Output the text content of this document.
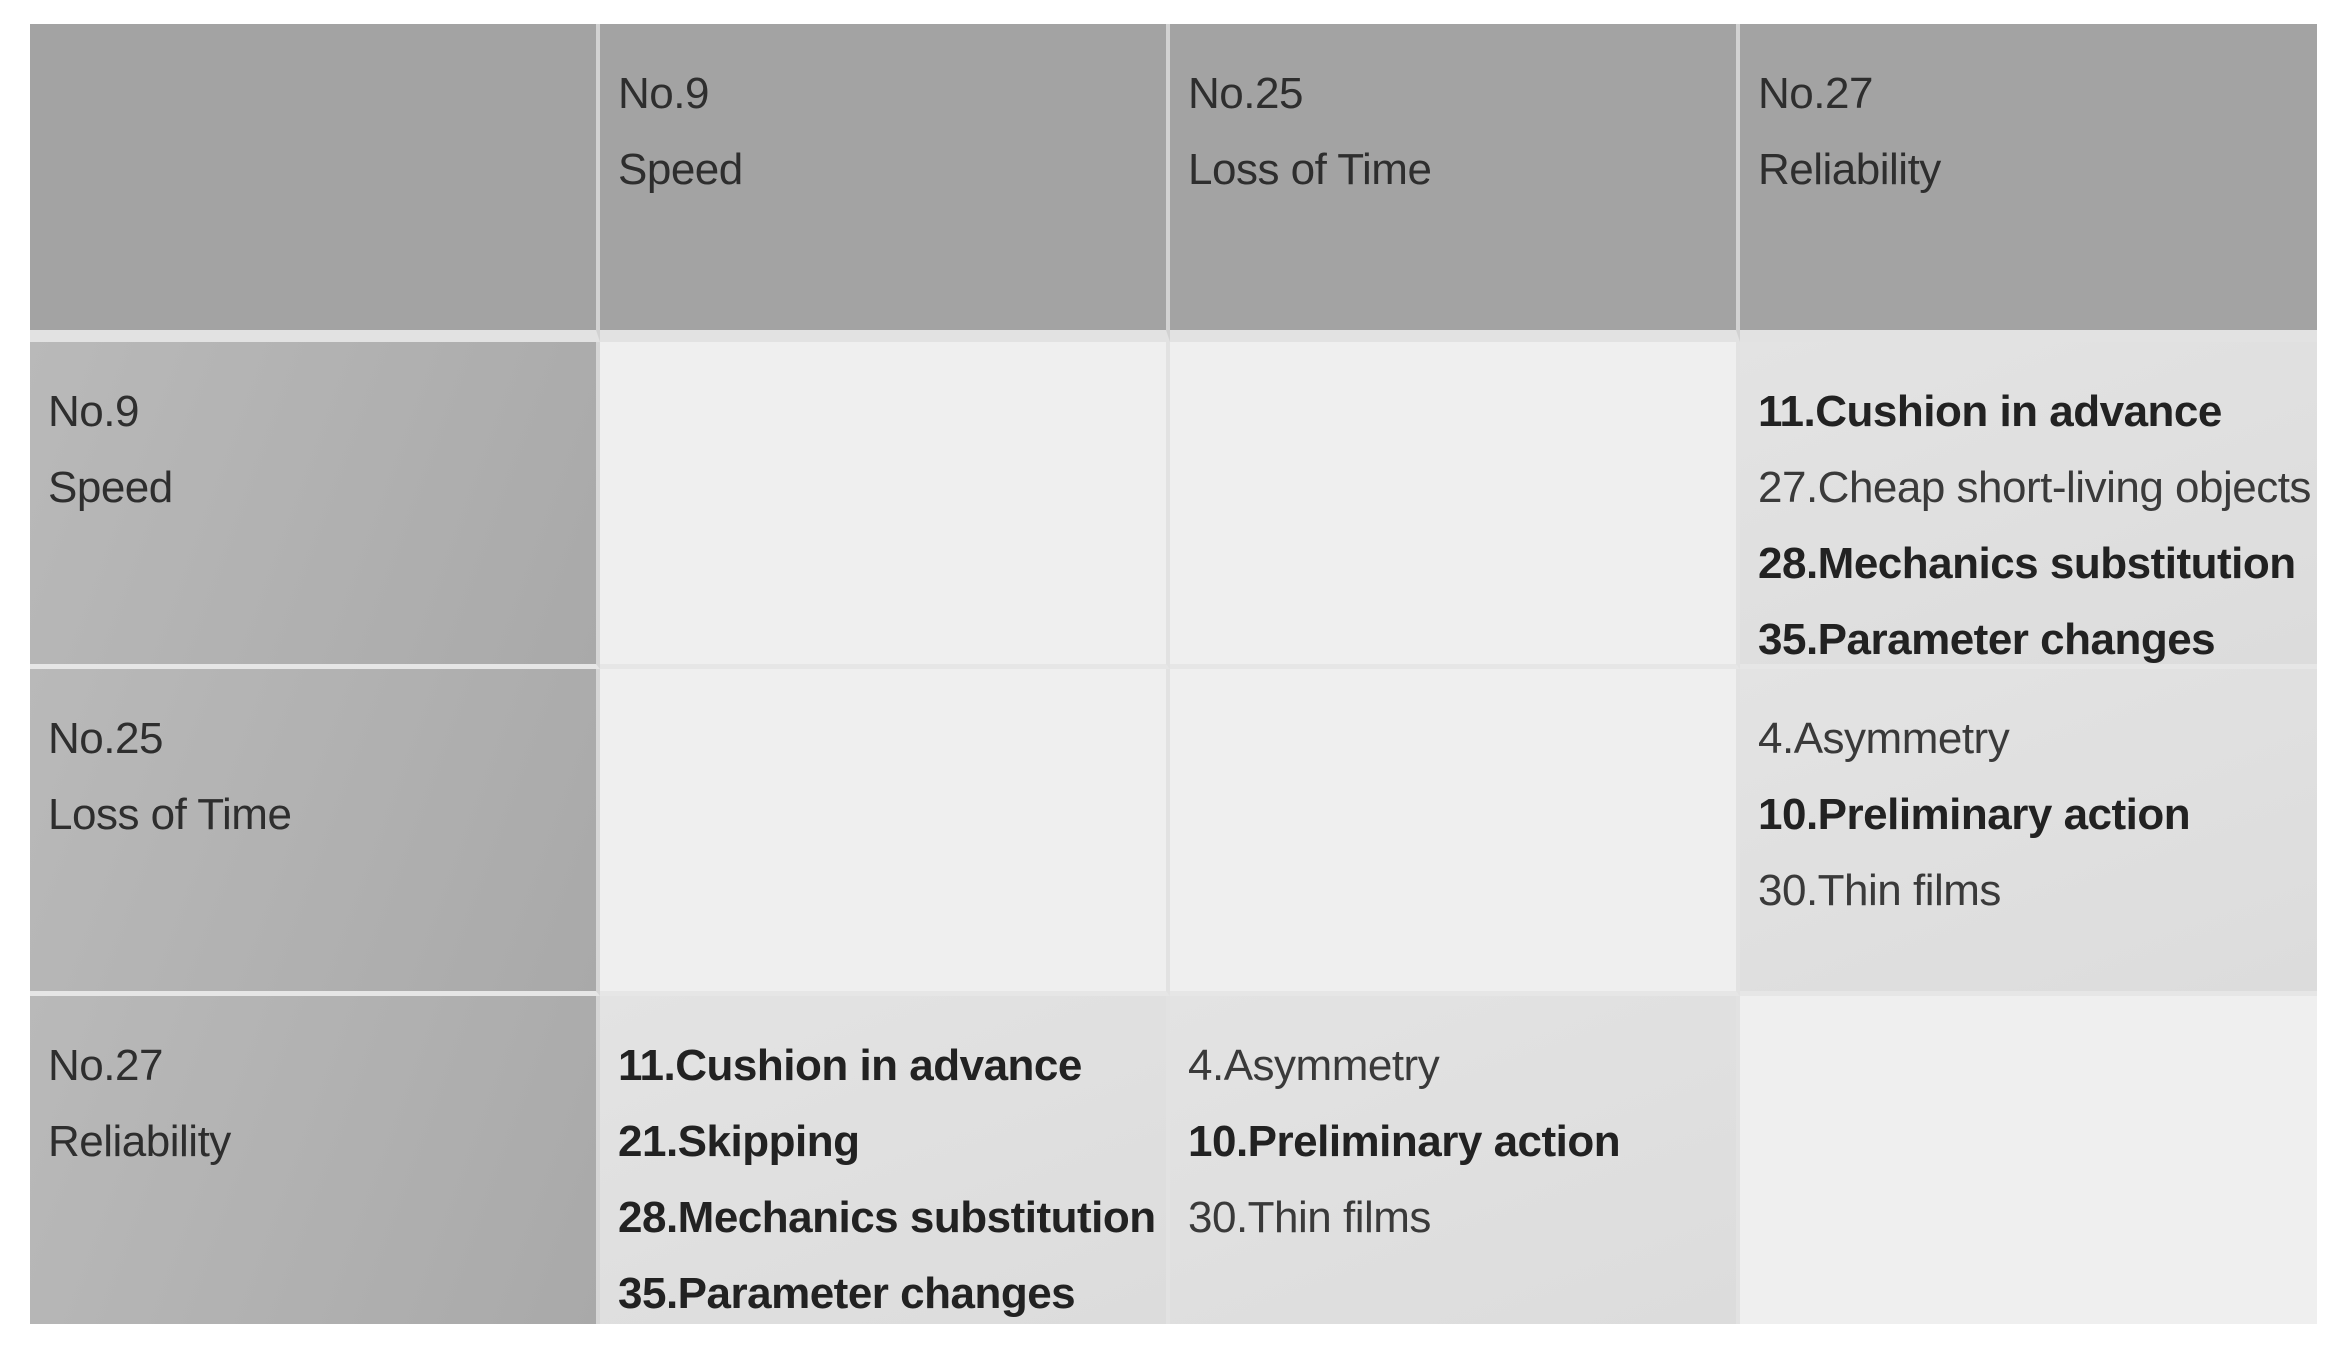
No.9
Speed
No.25
Loss of Time
No.27
Reliability
No.9
Speed
11.Cushion in advance
27.Cheap short-living objects
28.Mechanics substitution
35.Parameter changes
No.25
Loss of Time
4.Asymmetry
10.Preliminary action
30.Thin films
No.27
Reliability
11.Cushion in advance
21.Skipping
28.Mechanics substitution
35.Parameter changes
4.Asymmetry
10.Preliminary action
30.Thin films
